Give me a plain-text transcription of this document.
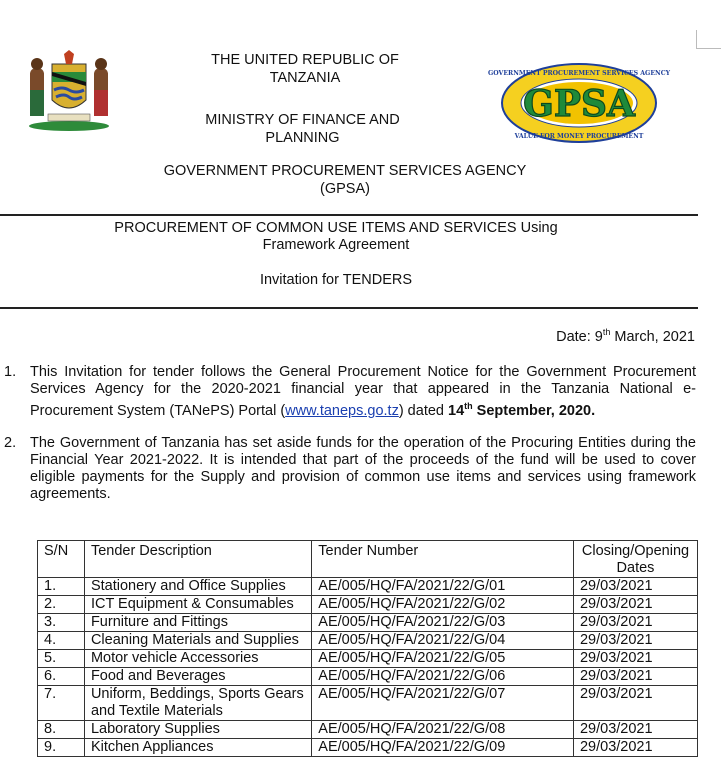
GPSA
GOVERNMENT PROCUREMENT SERVICES AGENCY
VALUE FOR MONEY PROCUREMENT
THE UNITED REPUBLIC OF
TANZANIA
MINISTRY OF FINANCE AND
PLANNING
GOVERNMENT PROCUREMENT SERVICES AGENCY
(GPSA)
PROCUREMENT OF COMMON USE ITEMS AND SERVICES Using
Framework Agreement
Invitation for TENDERS
Date: 9th March, 2021
1. This Invitation for tender follows the General Procurement Notice for the Government Procurement Services Agency for the 2020-2021 financial year that appeared in the Tanzania National e-Procurement System (TANePS) Portal (www.taneps.go.tz) dated 14th September, 2020.
2. The Government of Tanzania has set aside funds for the operation of the Procuring Entities during the Financial Year 2021-2022. It is intended that part of the proceeds of the fund will be used to cover eligible payments for the Supply and provision of common use items and services using framework agreements.
S/N	Tender Description	Tender Number	Closing/Opening Dates
1.	Stationery and Office Supplies	AE/005/HQ/FA/2021/22/G/01	29/03/2021
2.	ICT Equipment & Consumables	AE/005/HQ/FA/2021/22/G/02	29/03/2021
3.	Furniture and Fittings	AE/005/HQ/FA/2021/22/G/03	29/03/2021
4.	Cleaning Materials and Supplies	AE/005/HQ/FA/2021/22/G/04	29/03/2021
5.	Motor vehicle Accessories	AE/005/HQ/FA/2021/22/G/05	29/03/2021
6.	Food and Beverages	AE/005/HQ/FA/2021/22/G/06	29/03/2021
7.	Uniform, Beddings, Sports Gears and Textile Materials	AE/005/HQ/FA/2021/22/G/07	29/03/2021
8.	Laboratory Supplies	AE/005/HQ/FA/2021/22/G/08	29/03/2021
9.	Kitchen Appliances	AE/005/HQ/FA/2021/22/G/09	29/03/2021
